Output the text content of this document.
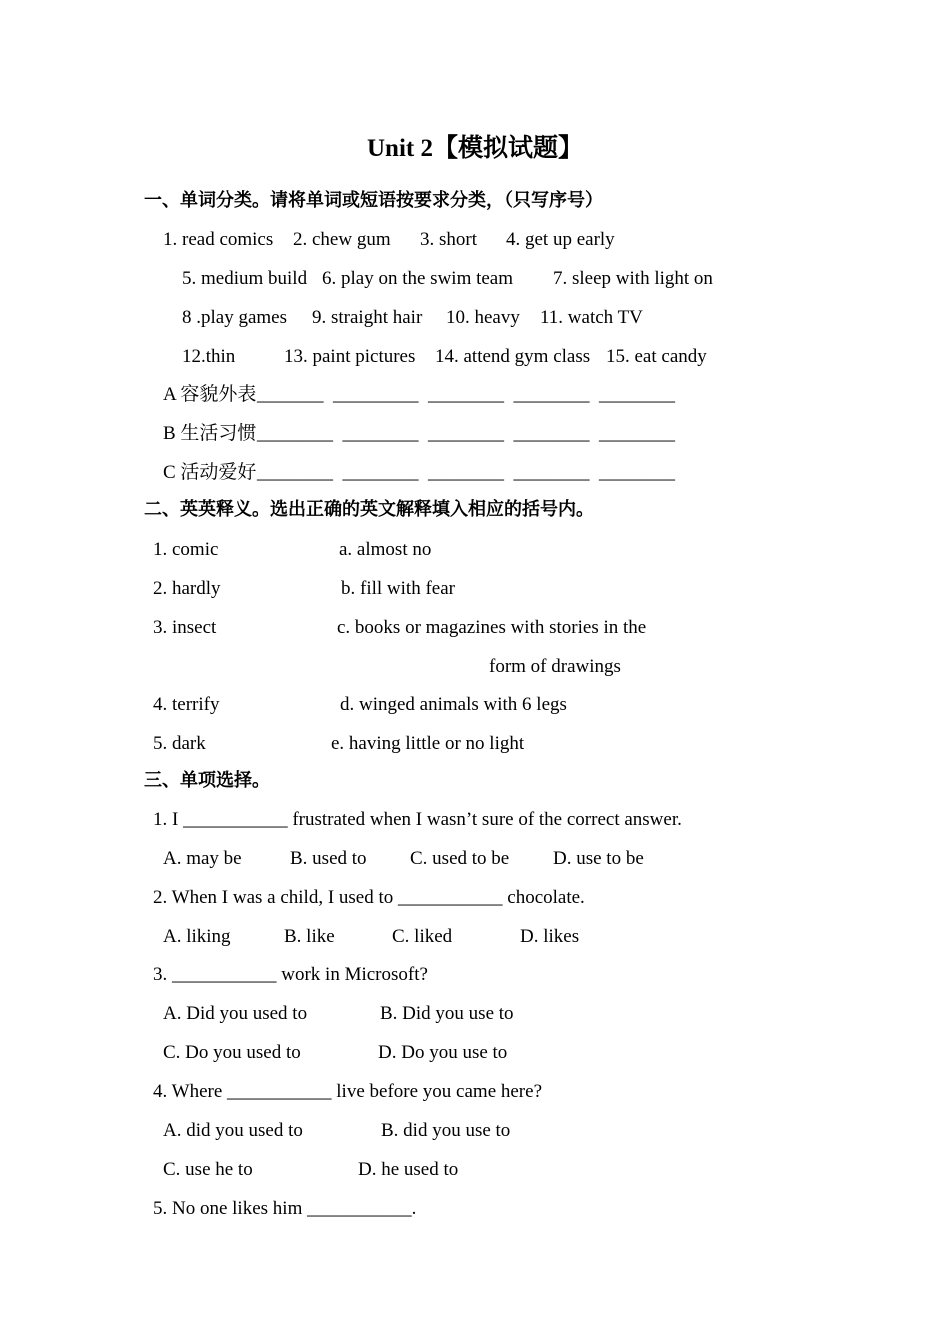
Unit 2【模拟试题】
一、单词分类。请将单词或短语按要求分类，（只写序号）
1. read comics 2. chew gum 3. short 4. get up early
5. medium build 6. play on the swim team 7. sleep with light on
8 .play games 9. straight hair 10. heavy 11. watch TV
12.thin	13. paint pictures 14. attend gym class 15. eat candy
A 容貌外表 _______  _________  ________  ________  ________
B 生活习惯 ________  ________  ________  ________  ________
C 活动爱好 ________  ________  ________  ________  ________
二、英英释义。选出正确的英文解释填入相应的括号内。
1. comic	a. almost no
2. hardly	b. fill with fear
3. insect	c. books or magazines with stories in the
form of drawings
4. terrify	d. winged animals with 6 legs
5. dark	e. having little or no light
三、单项选择。
1. I ___________ frustrated when I wasn’t sure of the correct answer.
A. may be	B. used to C. used to be D. use to be
2. When I was a child, I used to ___________ chocolate.
A. liking	B. like	C. liked	D. likes
3. ___________ work in Microsoft?
A. Did you used to	B. Did you use to
C. Do you used to	D. Do you use to
4. Where ___________ live before you came here?
A. did you used to	B. did you use to
C. use he to	D. he used to
5. No one likes him ___________.
